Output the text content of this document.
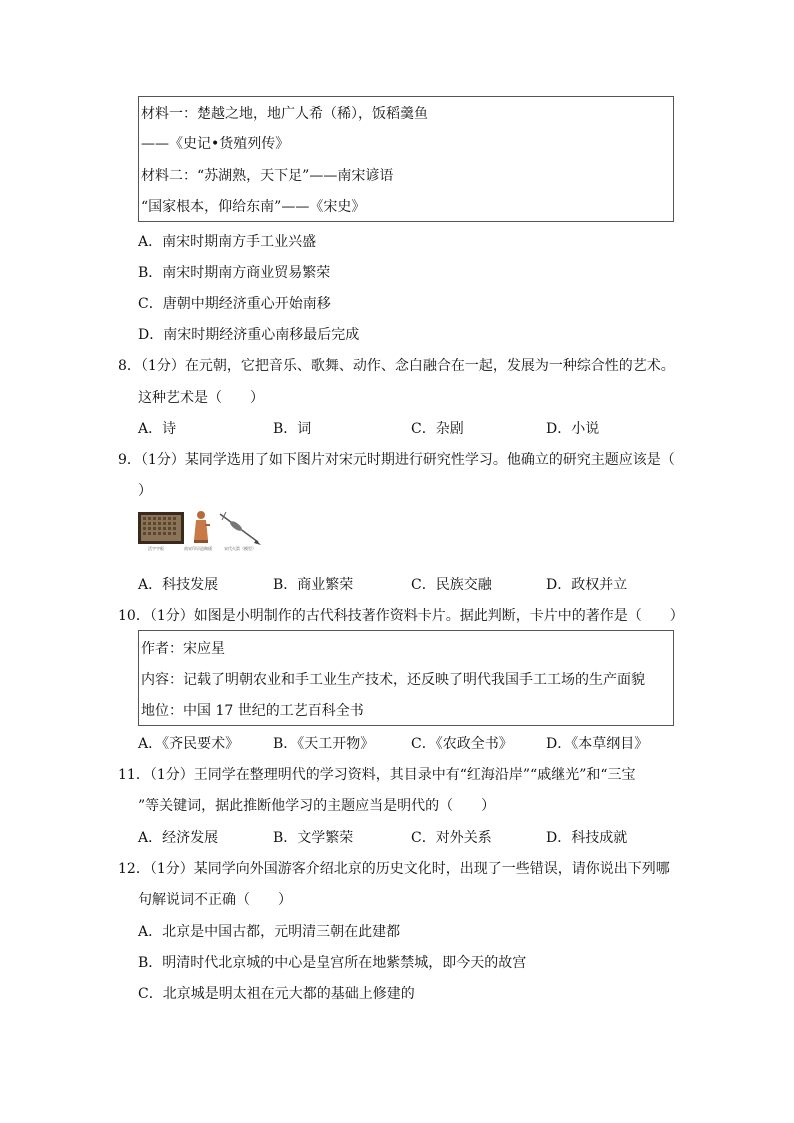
材料一：楚越之地，地广人希（稀），饭稻羹鱼
——《史记•货殖列传》
材料二：“苏湖熟，天下足”——南宋谚语
“国家根本，仰给东南”——《宋史》
A．南宋时期南方手工业兴盛
B．南宋时期南方商业贸易繁荣
C．唐朝中期经济重心开始南移
D．南宋时期经济重心南移最后完成
8．（1分）在元朝，它把音乐、歌舞、动作、念白融合在一起，发展为一种综合性的艺术。
这种艺术是（　　）
A．诗	B．词	C．杂剧	D．小说
9．（1分）某同学选用了如下图片对宋元时期进行研究性学习。他确立的研究主题应该是（
）
活字字板	南宋印早造陶俑	宋代火箭（模型）
A．科技发展	B．商业繁荣	C．民族交融	D．政权并立
10．（1分）如图是小明制作的古代科技著作资料卡片。据此判断，卡片中的著作是（　　）
作者：宋应星
内容：记载了明朝农业和手工业生产技术，还反映了明代我国手工工场的生产面貌
地位：中国 17 世纪的工艺百科全书
A．《齐民要术》 B．《天工开物》	C．《农政全书》 D．《本草纲目》
11．（1分）王同学在整理明代的学习资料，其目录中有“红海沿岸”“戚继光”和“三宝
”等关键词，据此推断他学习的主题应当是明代的（　　）
A．经济发展	B．文学繁荣	C．对外关系	D．科技成就
12．（1分）某同学向外国游客介绍北京的历史文化时，出现了一些错误，请你说出下列哪
句解说词不正确（　　）
A．北京是中国古都，元明清三朝在此建都
B．明清时代北京城的中心是皇宫所在地紫禁城，即今天的故宫
C．北京城是明太祖在元大都的基础上修建的
